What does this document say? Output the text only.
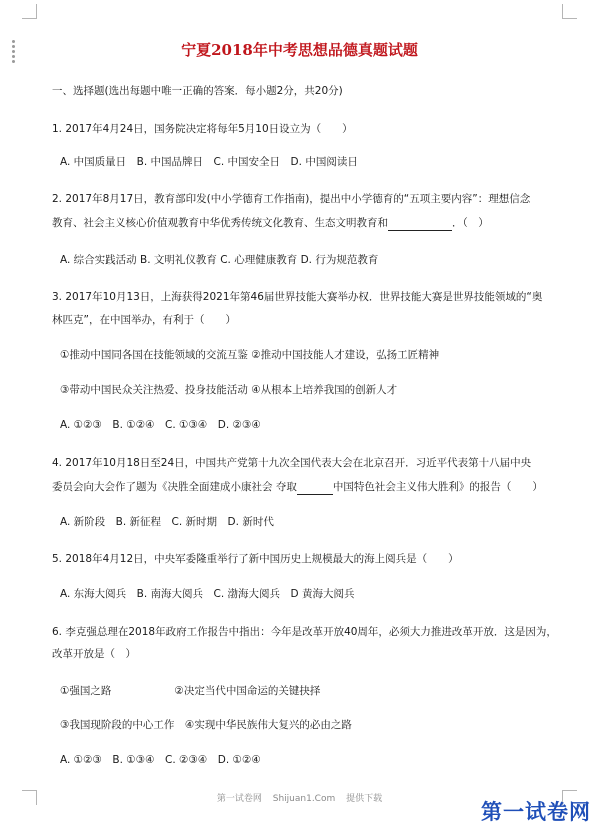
宁夏2018年中考思想品德真题试题
一、选择题(选出每题中唯一正确的答案．每小题2分，共20分)
1. 2017年4月24日，国务院决定将每年5月10日设立为（　　）
A. 中国质量日　B. 中国品牌日　C. 中国安全日　D. 中国阅读日
2. 2017年8月17日，教育部印发(中小学德育工作指南)，提出中小学德育的“五项主要内容”：理想信念
教育、社会主义核心价值观教育中华优秀传统文化教育、生态文明教育和	．（　）
A. 综合实践活动 B. 文明礼仪教育 C. 心理健康教育 D. 行为规范教育
3. 2017年10月13日，上海获得2021年第46届世界技能大赛举办权．世界技能大赛是世界技能领域的“奥
林匹克”，在中国举办，有利于（　　）
①推动中国同各国在技能领域的交流互鉴 ②推动中国技能人才建设，弘扬工匠精神
③带动中国民众关注热爱、投身技能活动 ④从根本上培养我国的创新人才
A. ①②③　B. ①②④　C. ①③④　D. ②③④
4. 2017年10月18日至24日，中国共产党第十九次全国代表大会在北京召开．习近平代表第十八届中央
委员会向大会作了题为《决胜全面建成小康社会 夺取	中国特色社会主义伟大胜利》的报告（　　）
A. 新阶段　B. 新征程　C. 新时期　D. 新时代
5. 2018年4月12日，中央军委隆重举行了新中国历史上规模最大的海上阅兵是（　　）
A. 东海大阅兵　B. 南海大阅兵　C. 渤海大阅兵　D 黄海大阅兵
6. 李克强总理在2018年政府工作报告中指出：今年是改革开放40周年，必须大力推进改革开放．这是因为，
改革开放是（　）
①强国之路　　　　　　②决定当代中国命运的关键抉择
③我国现阶段的中心工作　④实现中华民族伟大复兴的必由之路
A. ①②③　B. ①③④　C. ②③④　D. ①②④
第一试卷网 Shijuan1.Com 提供下载	第一试卷网
